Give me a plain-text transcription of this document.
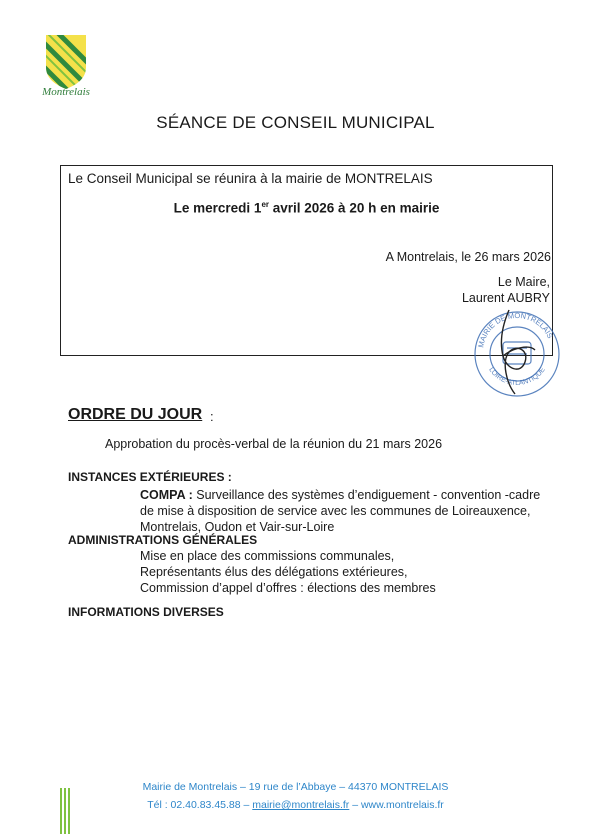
Montrelais
SÉANCE DE CONSEIL MUNICIPAL
Le Conseil Municipal se réunira à la mairie de MONTRELAIS
Le mercredi 1er avril 2026 à 20 h en mairie
A Montrelais, le 26 mars 2026
Le Maire,
Laurent AUBRY
MAIRIE DE MONTRELAIS
LOIRE-ATLANTIQUE
ORDRE DU JOUR :
Approbation du procès-verbal de la réunion du 21 mars 2026
INSTANCES EXTÉRIEURES :
COMPA : Surveillance des systèmes d’endiguement - convention -cadre de mise à disposition de service avec les communes de Loireauxence, Montrelais, Oudon et Vair-sur-Loire
ADMINISTRATIONS GÉNÉRALES
Mise en place des commissions communales,
Représentants élus des délégations extérieures,
Commission d’appel d’offres : élections des membres
INFORMATIONS DIVERSES
Mairie de Montrelais – 19 rue de l’Abbaye – 44370 MONTRELAIS
Tél : 02.40.83.45.88 – mairie@montrelais.fr – www.montrelais.fr
